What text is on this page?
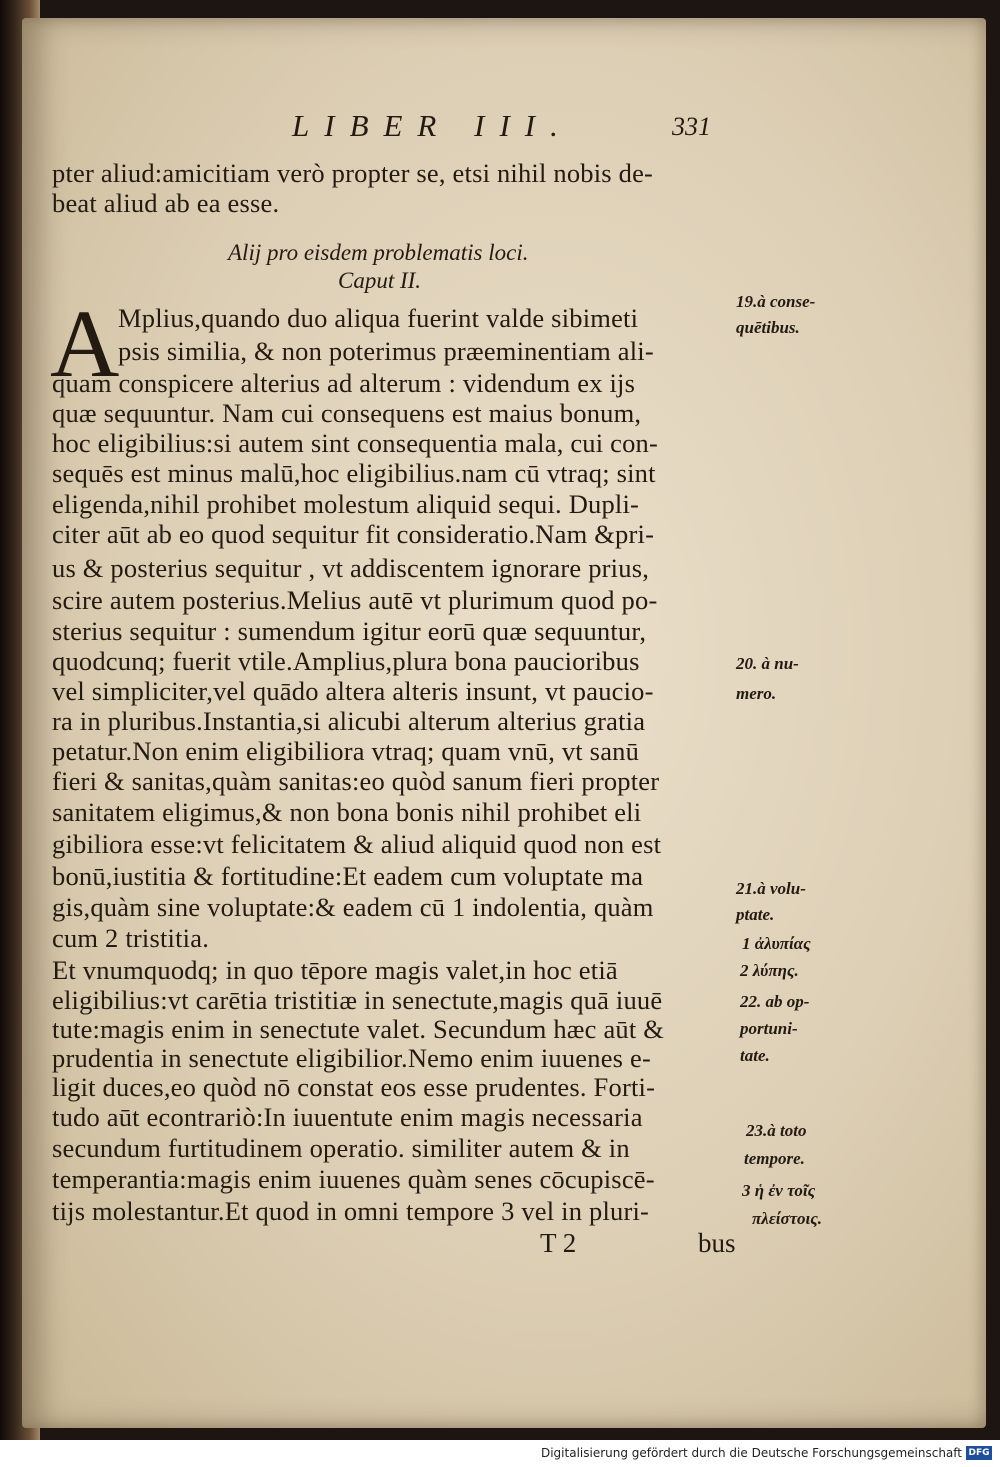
LIBER III.	331
pter aliud:amicitiam verò propter se, etsi nihil nobis de-
beat aliud ab ea esse.
Alij pro eisdem problematis loci.
Caput II.
A
Mplius,quando duo aliqua fuerint valde sibimeti
psis similia, & non poterimus præeminentiam ali-
quam conspicere alterius ad alterum : videndum ex ijs
quæ sequuntur. Nam cui consequens est maius bonum,
hoc eligibilius:si autem sint consequentia mala, cui con-
sequēs est minus malū,hoc eligibilius.nam cū vtraq; sint
eligenda,nihil prohibet molestum aliquid sequi. Dupli-
citer aūt ab eo quod sequitur fit consideratio.Nam &pri-
us & posterius sequitur , vt addiscentem ignorare prius,
scire autem posterius.Melius autē vt plurimum quod po-
sterius sequitur : sumendum igitur eorū quæ sequuntur,
quodcunq; fuerit vtile.Amplius,plura bona paucioribus
vel simpliciter,vel quādo altera alteris insunt, vt paucio-
ra in pluribus.Instantia,si alicubi alterum alterius gratia
petatur.Non enim eligibiliora vtraq; quam vnū, vt sanū
fieri & sanitas,quàm sanitas:eo quòd sanum fieri propter
sanitatem eligimus,& non bona bonis nihil prohibet eli
gibiliora esse:vt felicitatem & aliud aliquid quod non est
bonū,iustitia & fortitudine:Et eadem cum voluptate ma
gis,quàm sine voluptate:& eadem cū 1 indolentia, quàm
cum 2 tristitia.
Et vnumquodq; in quo tēpore magis valet,in hoc etiā
eligibilius:vt carētia tristitiæ in senectute,magis quā iuuē
tute:magis enim in senectute valet. Secundum hæc aūt &
prudentia in senectute eligibilior.Nemo enim iuuenes e-
ligit duces,eo quòd nō constat eos esse prudentes. Forti-
tudo aūt econtrariò:In iuuentute enim magis necessaria
secundum furtitudinem operatio. similiter autem & in
temperantia:magis enim iuuenes quàm senes cōcupiscē-
tijs molestantur.Et quod in omni tempore 3 vel in pluri-
T 2	bus
19.à conse-
quētibus.
20. à nu-
mero.
21.à volu-
ptate.
1 ἀλυπίας
2 λύπης.
22. ab op-
portuni-
tate.
23.à toto
tempore.
3 ἡ ἐν τοῖς
πλείστοις.
Digitalisierung gefördert durch die Deutsche Forschungsgemeinschaft DFG
